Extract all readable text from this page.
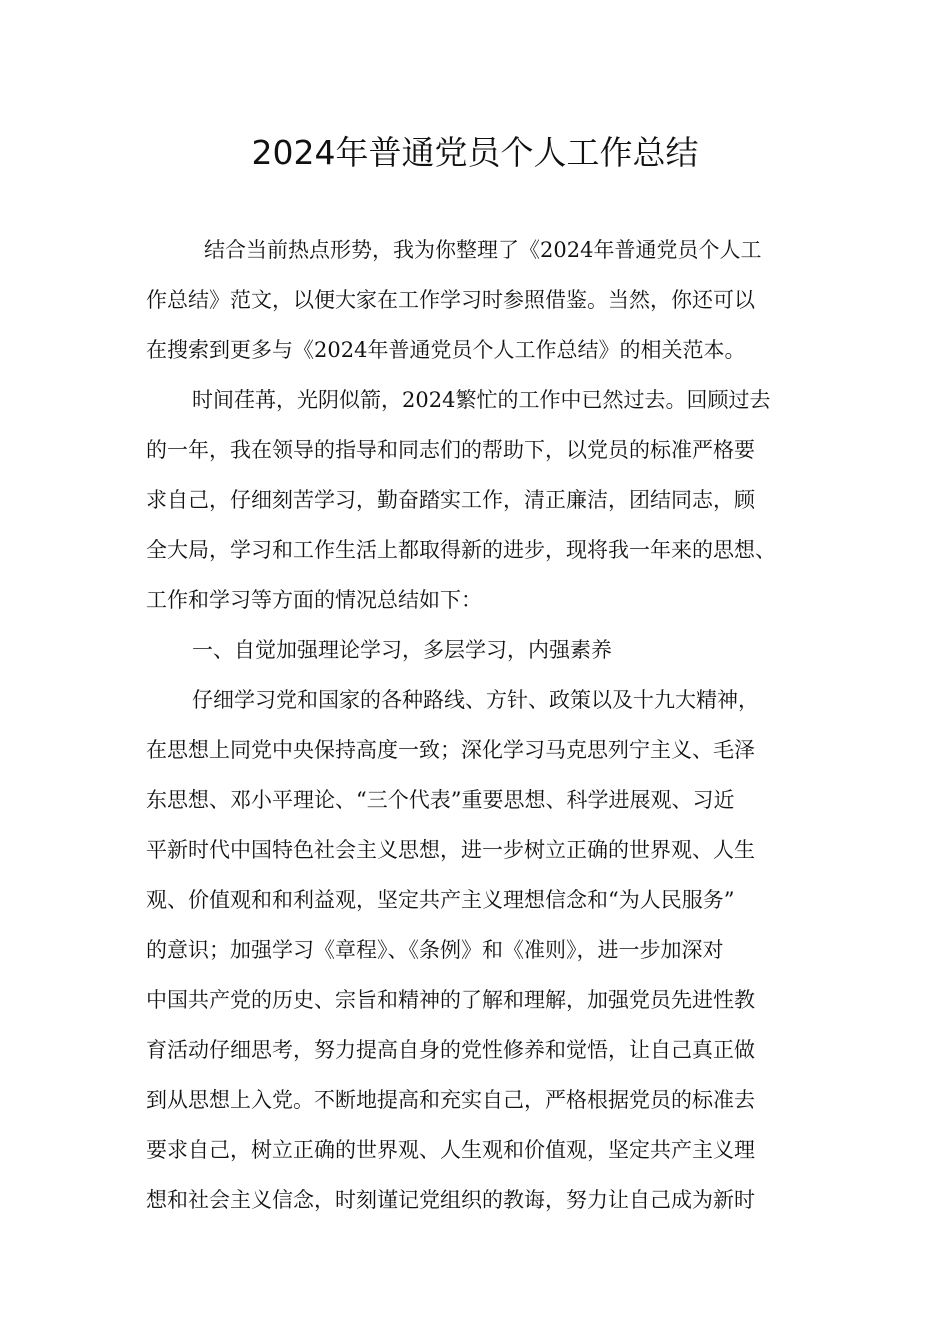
2024年普通党员个人工作总结

结合当前热点形势，我为你整理了《2024年普通党员个人工

作总结》范文，以便大家在工作学习时参照借鉴。当然，你还可以

在搜索到更多与《2024年普通党员个人工作总结》的相关范本。

时间荏苒，光阴似箭，2024繁忙的工作中已然过去。回顾过去

的一年，我在领导的指导和同志们的帮助下，以党员的标准严格要

求自己，仔细刻苦学习，勤奋踏实工作，清正廉洁，团结同志，顾

全大局，学习和工作生活上都取得新的进步，现将我一年来的思想、

工作和学习等方面的情况总结如下：

一、自觉加强理论学习，多层学习，内强素养

仔细学习党和国家的各种路线、方针、政策以及十九大精神，

在思想上同党中央保持高度一致；深化学习马克思列宁主义、毛泽

东思想、邓小平理论、“三个代表”重要思想、科学进展观、习近

平新时代中国特色社会主义思想，进一步树立正确的世界观、人生

观、价值观和和利益观，坚定共产主义理想信念和“为人民服务”

的意识；加强学习《章程》、《条例》和《准则》，进一步加深对

中国共产党的历史、宗旨和精神的了解和理解，加强党员先进性教

育活动仔细思考，努力提高自身的党性修养和觉悟，让自己真正做

到从思想上入党。不断地提高和充实自己，严格根据党员的标准去

要求自己，树立正确的世界观、人生观和价值观，坚定共产主义理

想和社会主义信念，时刻谨记党组织的教诲，努力让自己成为新时
